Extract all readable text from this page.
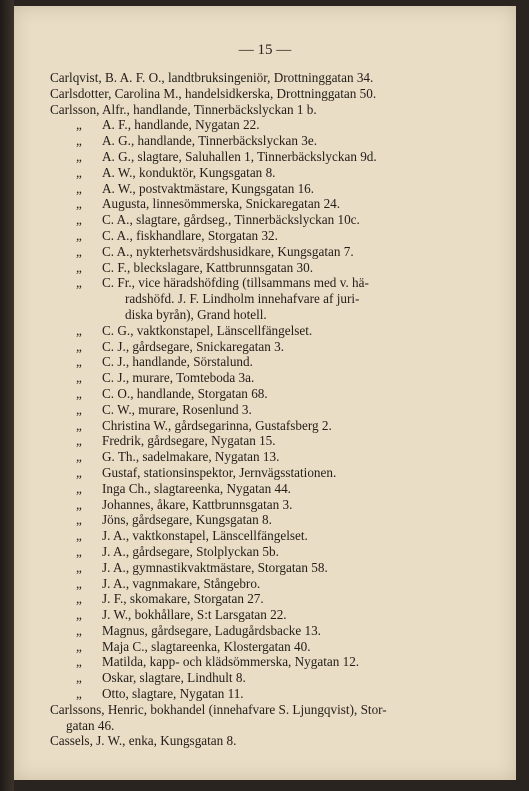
— 15 —
Carlqvist, B. A. F. O., landtbruksingeniör, Drottninggatan 34.
Carlsdotter, Carolina M., handelsidkerska, Drottninggatan 50.
Carlsson, Alfr., handlande, Tinnerbäckslyckan 1 b.
„	A. F., handlande, Nygatan 22.
„	A. G., handlande, Tinnerbäckslyckan 3e.
„	A. G., slagtare, Saluhallen 1, Tinnerbäckslyckan 9d.
„	A. W., konduktör, Kungsgatan 8.
„	A. W., postvaktmästare, Kungsgatan 16.
„	Augusta, linnesömmerska, Snickaregatan 24.
„	C. A., slagtare, gårdseg., Tinnerbäckslyckan 10c.
„	C. A., fiskhandlare, Storgatan 32.
„	C. A., nykterhetsvärdshusidkare, Kungsgatan 7.
„	C. F., bleckslagare, Kattbrunnsgatan 30.
„	C. Fr., vice häradshöfding (tillsammans med v. hä-
radshöfd. J. F. Lindholm innehafvare af juri-
diska byrån), Grand hotell.
„	C. G., vaktkonstapel, Länscellfängelset.
„	C. J., gårdsegare, Snickaregatan 3.
„	C. J., handlande, Sörstalund.
„	C. J., murare, Tomteboda 3a.
„	C. O., handlande, Storgatan 68.
„	C. W., murare, Rosenlund 3.
„	Christina W., gårdsegarinna, Gustafsberg 2.
„	Fredrik, gårdsegare, Nygatan 15.
„	G. Th., sadelmakare, Nygatan 13.
„	Gustaf, stationsinspektor, Jernvägsstationen.
„	Inga Ch., slagtareenka, Nygatan 44.
„	Johannes, åkare, Kattbrunnsgatan 3.
„	Jöns, gårdsegare, Kungsgatan 8.
„	J. A., vaktkonstapel, Länscellfängelset.
„	J. A., gårdsegare, Stolplyckan 5b.
„	J. A., gymnastikvaktmästare, Storgatan 58.
„	J. A., vagnmakare, Stångebro.
„	J. F., skomakare, Storgatan 27.
„	J. W., bokhållare, S:t Larsgatan 22.
„	Magnus, gårdsegare, Ladugårdsbacke 13.
„	Maja C., slagtareenka, Klostergatan 40.
„	Matilda, kapp- och klädsömmerska, Nygatan 12.
„	Oskar, slagtare, Lindhult 8.
„	Otto, slagtare, Nygatan 11.
Carlssons, Henric, bokhandel (innehafvare S. Ljungqvist), Stor-
gatan 46.
Cassels, J. W., enka, Kungsgatan 8.
